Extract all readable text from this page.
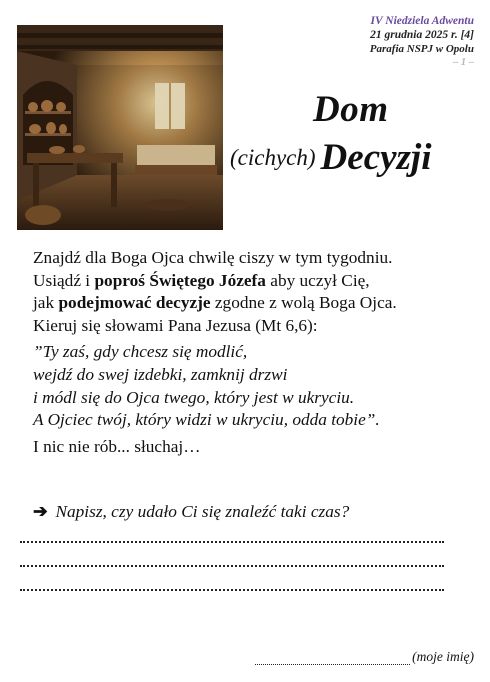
IV Niedziela Adwentu
21 grudnia 2025 r. [4]
Parafia NSPJ w Opolu
– 1 –
Dom
(cichych) Decyzji

Znajdź dla Boga Ojca chwilę ciszy w tym tygodniu.

Usiądź i poproś Świętego Józefa aby uczył Cię,

jak podejmować decyzje zgodne z wolą Boga Ojca.

Kieruj się słowami Pana Jezusa (Mt 6,6):

”Ty zaś, gdy chcesz się modlić,
wejdź do swej izdebki, zamknij drzwi
i módl się do Ojca twego, który jest w ukryciu.
A Ojciec twój, który widzi w ukryciu, odda tobie”.

I nic nie rób... słuchaj…

➔ Napisz, czy udało Ci się znaleźć taki czas?
(moje imię)
